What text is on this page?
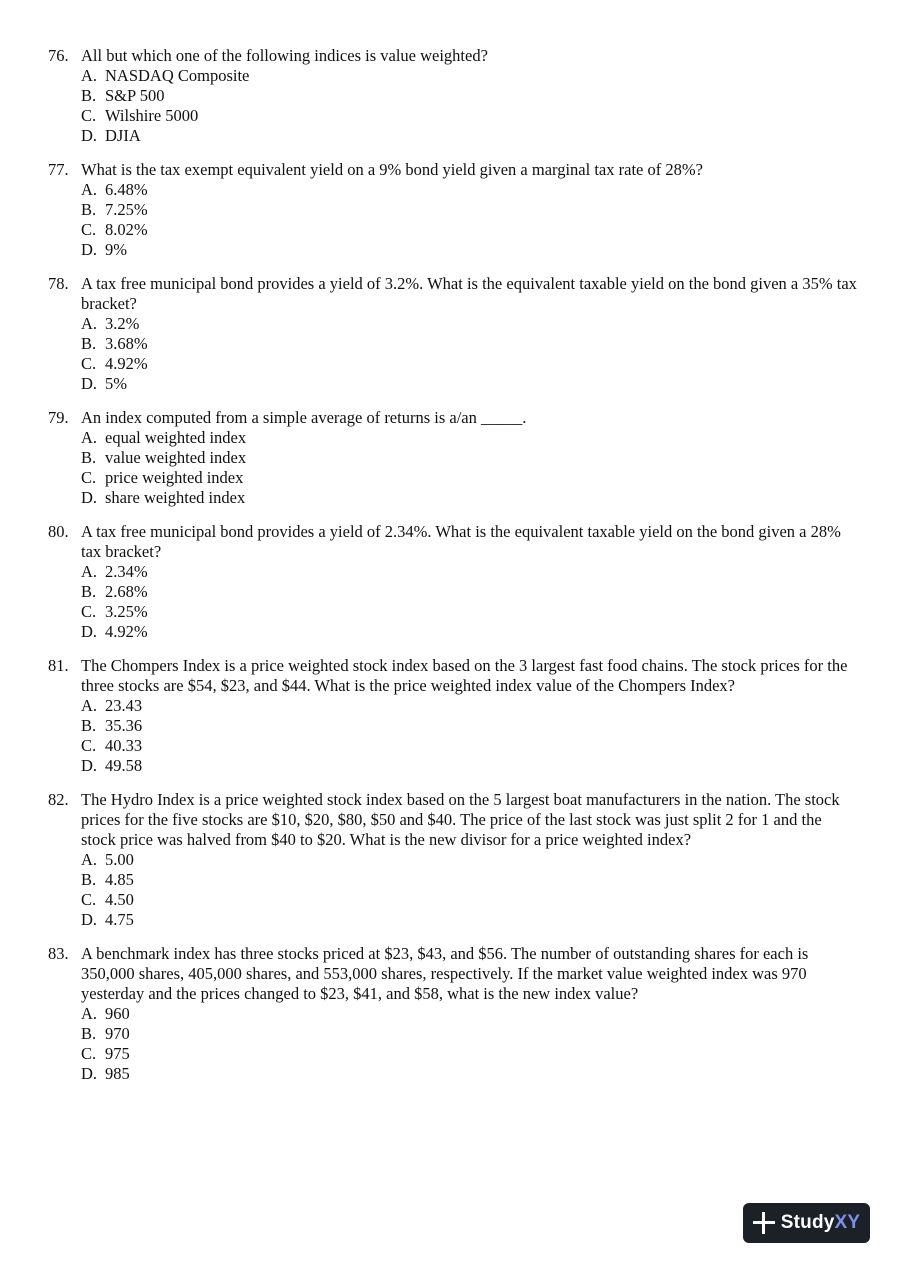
76. All but which one of the following indices is value weighted?
A. NASDAQ Composite
B. S&P 500
C. Wilshire 5000
D. DJIA
77. What is the tax exempt equivalent yield on a 9% bond yield given a marginal tax rate of 28%?
A. 6.48%
B. 7.25%
C. 8.02%
D. 9%
78. A tax free municipal bond provides a yield of 3.2%. What is the equivalent taxable yield on the bond given a 35% tax bracket?
A. 3.2%
B. 3.68%
C. 4.92%
D. 5%
79. An index computed from a simple average of returns is a/an _____.
A. equal weighted index
B. value weighted index
C. price weighted index
D. share weighted index
80. A tax free municipal bond provides a yield of 2.34%. What is the equivalent taxable yield on the bond given a 28% tax bracket?
A. 2.34%
B. 2.68%
C. 3.25%
D. 4.92%
81. The Chompers Index is a price weighted stock index based on the 3 largest fast food chains. The stock prices for the three stocks are $54, $23, and $44. What is the price weighted index value of the Chompers Index?
A. 23.43
B. 35.36
C. 40.33
D. 49.58
82. The Hydro Index is a price weighted stock index based on the 5 largest boat manufacturers in the nation. The stock prices for the five stocks are $10, $20, $80, $50 and $40. The price of the last stock was just split 2 for 1 and the stock price was halved from $40 to $20. What is the new divisor for a price weighted index?
A. 5.00
B. 4.85
C. 4.50
D. 4.75
83. A benchmark index has three stocks priced at $23, $43, and $56. The number of outstanding shares for each is 350,000 shares, 405,000 shares, and 553,000 shares, respectively. If the market value weighted index was 970 yesterday and the prices changed to $23, $41, and $58, what is the new index value?
A. 960
B. 970
C. 975
D. 985
StudyXY
